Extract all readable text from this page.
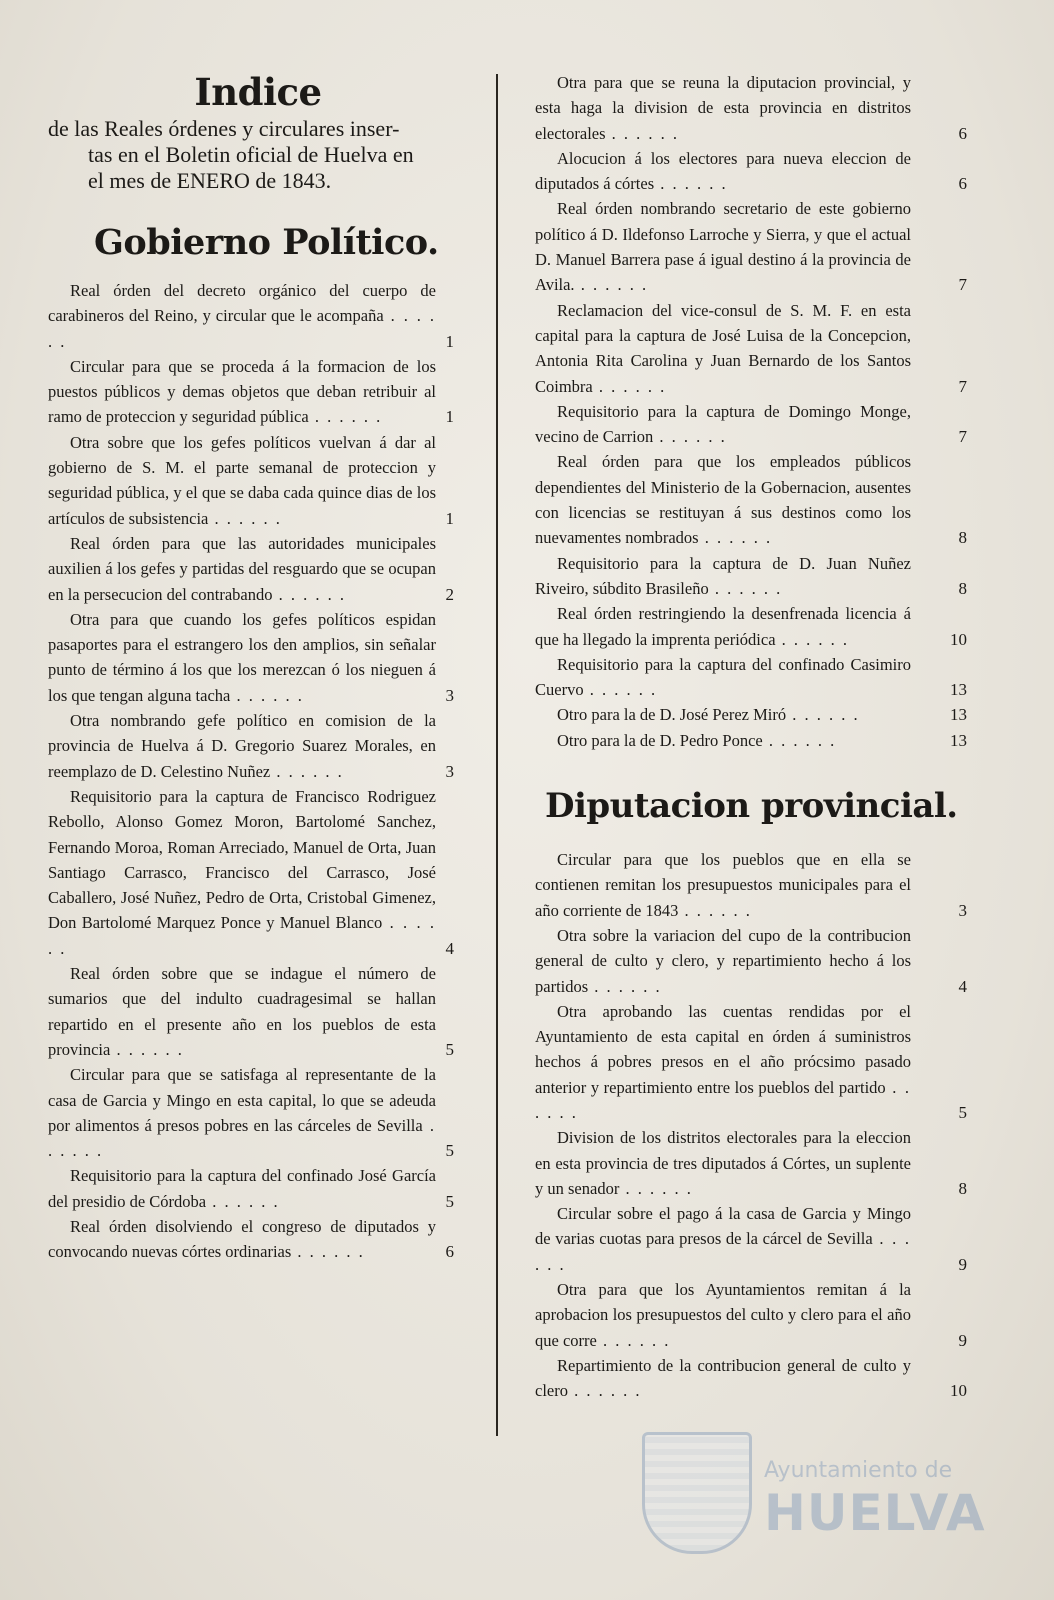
Indice
de las Reales órdenes y circulares inser-
tas en el Boletin oficial de Huelva en
el mes de ENERO de 1843.
Gobierno Político.
Real órden del decreto orgánico del cuerpo de carabineros del Reino, y circular que le acompaña . . . . . .	1
Circular para que se proceda á la formacion de los puestos públicos y demas objetos que deban retribuir al ramo de proteccion y seguridad pública . . . . . .	1
Otra sobre que los gefes políticos vuelvan á dar al gobierno de S. M. el parte semanal de proteccion y seguridad pública, y el que se daba cada quince dias de los artículos de subsistencia . . . . . .	1
Real órden para que las autoridades municipales auxilien á los gefes y partidas del resguardo que se ocupan en la persecucion del contrabando . . . . . .	2
Otra para que cuando los gefes políticos espidan pasaportes para el estrangero los den amplios, sin señalar punto de término á los que los merezcan ó los nieguen á los que tengan alguna tacha . . . . . .	3
Otra nombrando gefe político en comision de la provincia de Huelva á D. Gregorio Suarez Morales, en reemplazo de D. Celestino Nuñez . . . . . .	3
Requisitorio para la captura de Francisco Rodriguez Rebollo, Alonso Gomez Moron, Bartolomé Sanchez, Fernando Moroa, Roman Arreciado, Manuel de Orta, Juan Santiago Carrasco, Francisco del Carrasco, José Caballero, José Nuñez, Pedro de Orta, Cristobal Gimenez, Don Bartolomé Marquez Ponce y Manuel Blanco . . . . . .	4
Real órden sobre que se indague el número de sumarios que del indulto cuadragesimal se hallan repartido en el presente año en los pueblos de esta provincia . . . . . .	5
Circular para que se satisfaga al representante de la casa de Garcia y Mingo en esta capital, lo que se adeuda por alimentos á presos pobres en las cárceles de Sevilla . . . . . .	5
Requisitorio para la captura del confinado José García del presidio de Córdoba . . . . . .	5
Real órden disolviendo el congreso de diputados y convocando nuevas córtes ordinarias . . . . . .	6
Otra para que se reuna la diputacion provincial, y esta haga la division de esta provincia en distritos electorales . . . . . .	6
Alocucion á los electores para nueva eleccion de diputados á córtes . . . . . .	6
Real órden nombrando secretario de este gobierno político á D. Ildefonso Larroche y Sierra, y que el actual D. Manuel Barrera pase á igual destino á la provincia de Avila. . . . . . .	7
Reclamacion del vice-consul de S. M. F. en esta capital para la captura de José Luisa de la Concepcion, Antonia Rita Carolina y Juan Bernardo de los Santos Coimbra . . . . . .	7
Requisitorio para la captura de Domingo Monge, vecino de Carrion . . . . . .	7
Real órden para que los empleados públicos dependientes del Ministerio de la Gobernacion, ausentes con licencias se restituyan á sus destinos como los nuevamentes nombrados . . . . . .	8
Requisitorio para la captura de D. Juan Nuñez Riveiro, súbdito Brasileño . . . . . .	8
Real órden restringiendo la desenfrenada licencia á que ha llegado la imprenta periódica . . . . . .	10
Requisitorio para la captura del confinado Casimiro Cuervo . . . . . .	13
Otro para la de D. José Perez Miró . . . . . .	13
Otro para la de D. Pedro Ponce . . . . . .	13
Diputacion provincial.
Circular para que los pueblos que en ella se contienen remitan los presupuestos municipales para el año corriente de 1843 . . . . . .	3
Otra sobre la variacion del cupo de la contribucion general de culto y clero, y repartimiento hecho á los partidos . . . . . .	4
Otra aprobando las cuentas rendidas por el Ayuntamiento de esta capital en órden á suministros hechos á pobres presos en el año prócsimo pasado anterior y repartimiento entre los pueblos del partido . . . . . .	5
Division de los distritos electorales para la eleccion en esta provincia de tres diputados á Córtes, un suplente y un senador . . . . . .	8
Circular sobre el pago á la casa de Garcia y Mingo de varias cuotas para presos de la cárcel de Sevilla . . . . . .	9
Otra para que los Ayuntamientos remitan á la aprobacion los presupuestos del culto y clero para el año que corre . . . . . .	9
Repartimiento de la contribucion general de culto y clero . . . . . .	10
Ayuntamiento de
HUELVA
